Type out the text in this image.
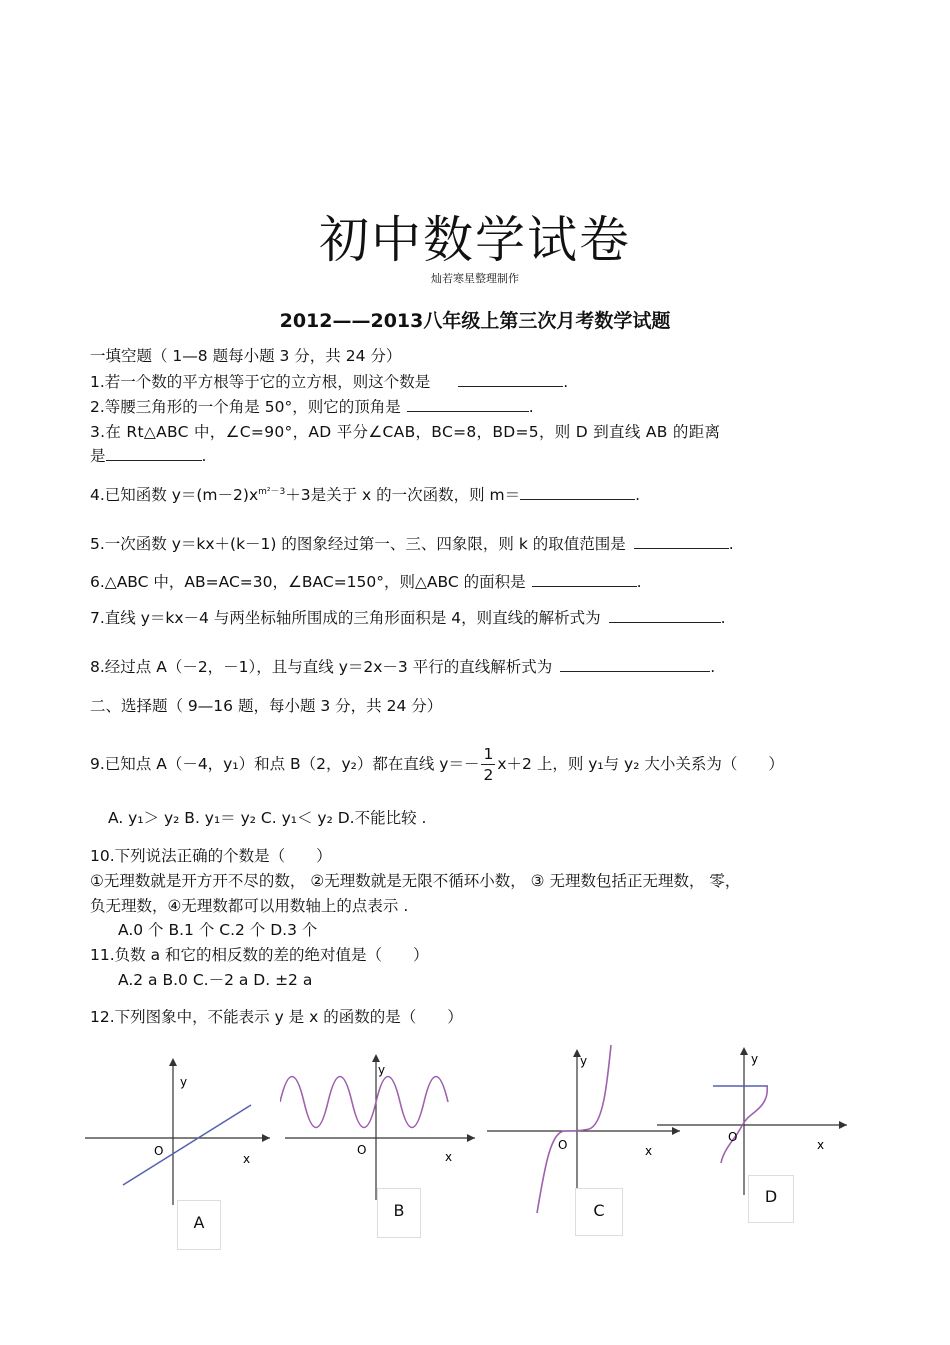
初中数学试卷
灿若寒星整理制作
2012——2013八年级上第三次月考数学试题
一填空题（ 1—8 题每小题 3 分，共 24 分）
1.若一个数的平方根等于它的立方根，则这个数是	.
2.等腰三角形的一个角是 50°，则它的顶角是	.
3.在 Rt△ABC 中，∠C=90°，AD 平分∠CAB，BC=8，BD=5，则 D 到直线 AB 的距离
是	.
4.已知函数 $y=(m-2)x^{m^2-3}+3$是关于 x 的一次函数，则 m＝	.
5.一次函数 y＝kx＋(k－1) 的图象经过第一、三、四象限，则 k 的取值范围是	.
6.△ABC 中，AB=AC=30，∠BAC=150°，则△ABC 的面积是	.
7.直线 y＝kx－4 与两坐标轴所围成的三角形面积是 4，则直线的解析式为	.
8.经过点 A（－2，－1），且与直线 y＝2x－3 平行的直线解析式为	.
二、选择题（ 9—16 题，每小题 3 分，共 24 分）
9.已知点 A（－4，y₁）和点 B（2，y₂）都在直线 $y=- \frac{1}{2} x+2$ 上，则 y₁与 y₂ 大小关系为（　　）
A. y₁＞ y₂ B. y₁＝ y₂ C. y₁＜ y₂ D.不能比较 .
10.下列说法正确的个数是（　　）
①无理数就是开方开不尽的数， ②无理数就是无限不循环小数， ③ 无理数包括正无理数， 零，
负无理数，④无理数都可以用数轴上的点表示 .
A.0 个 B.1 个 C.2 个 D.3 个
11.负数 a 和它的相反数的差的绝对值是（　　）
A.2 a B.0 C.－2 a D. ±2 a
12.下列图象中，不能表示 y 是 x 的函数的是（　　）
y
x
O
A
y
x
O
B
y
x
O
C
y
x
O
D
